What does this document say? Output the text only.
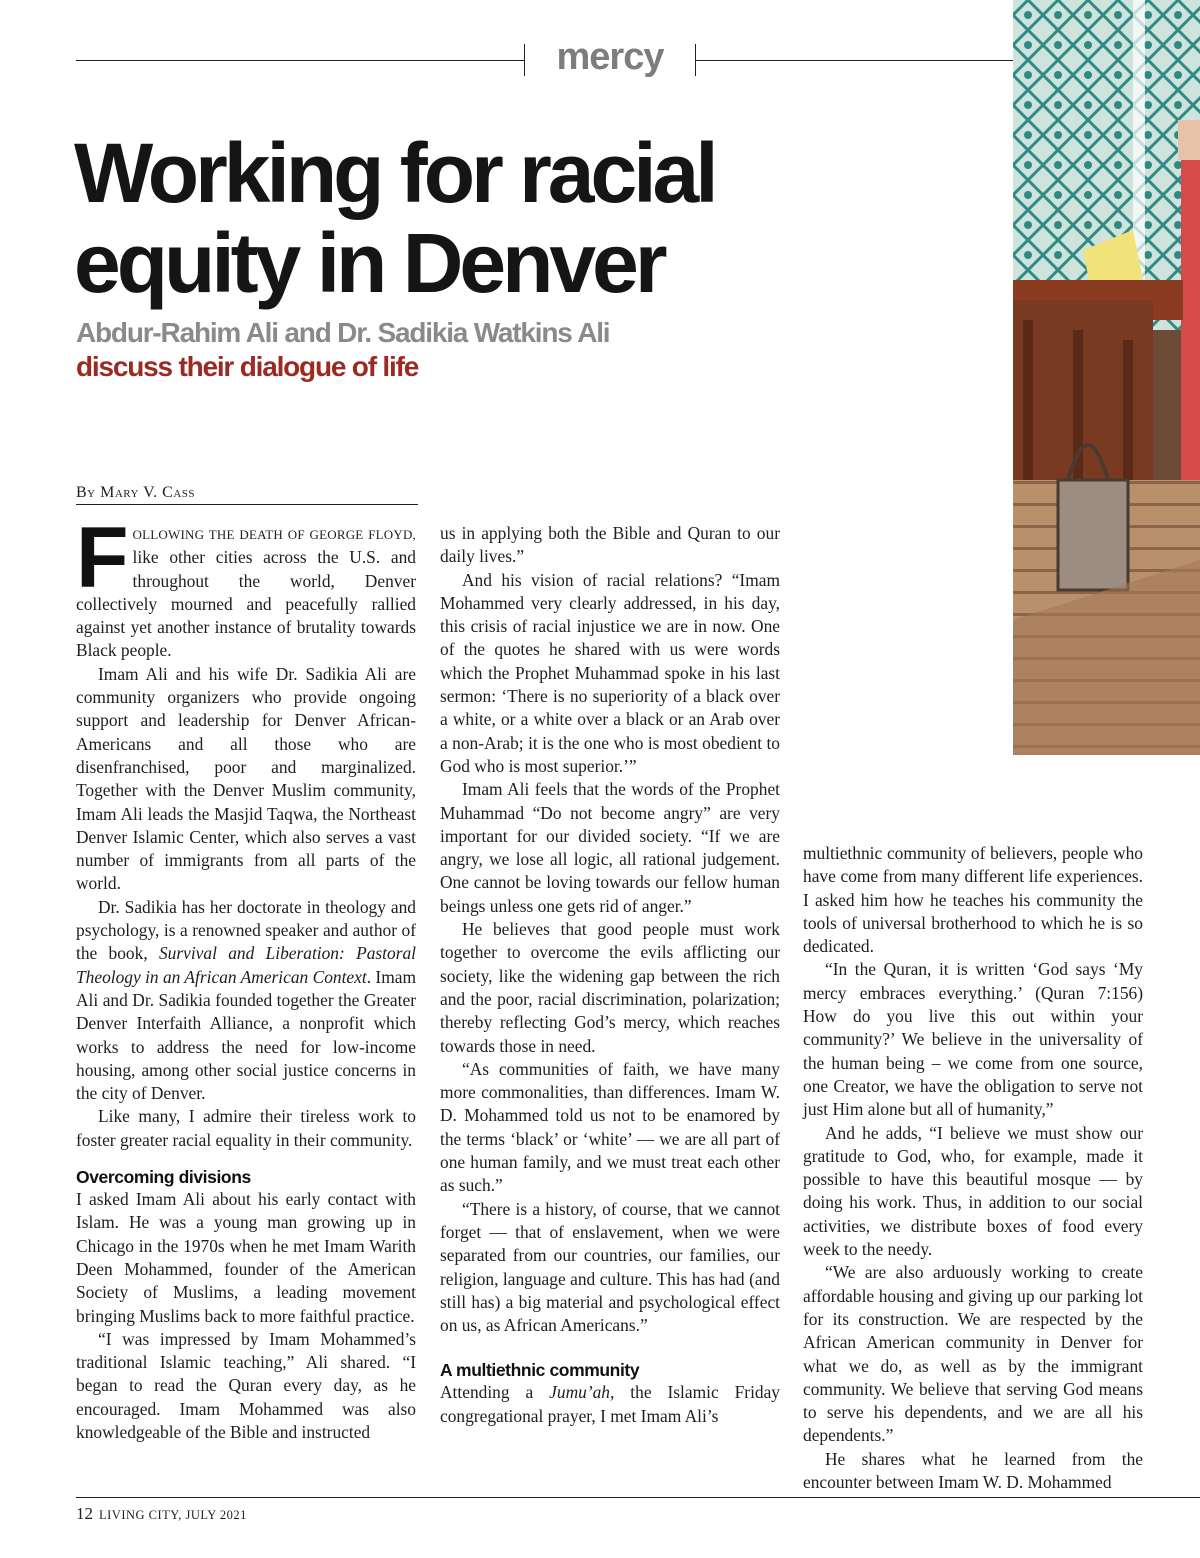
mercy
Working for racial equity in Denver

Abdur-Rahim Ali and Dr. Sadikia Watkins Ali discuss their dialogue of life

By Mary V. Cass

FOLLOWING THE DEATH OF GEORGE FLOYD, like other cities across the U.S. and throughout the world, Denver collectively mourned and peacefully rallied against yet another instance of brutality towards Black people.

Imam Ali and his wife Dr. Sadikia Ali are community organizers who provide ongoing support and leadership for Denver African-Americans and all those who are disenfranchised, poor and marginalized. Together with the Denver Muslim community, Imam Ali leads the Masjid Taqwa, the Northeast Denver Islamic Center, which also serves a vast number of immigrants from all parts of the world.

Dr. Sadikia has her doctorate in theology and psychology, is a renowned speaker and author of the book, Survival and Liberation: Pastoral Theology in an African American Context. Imam Ali and Dr. Sadikia founded together the Greater Denver Interfaith Alliance, a nonprofit which works to address the need for low-income housing, among other social justice concerns in the city of Denver.

Like many, I admire their tireless work to foster greater racial equality in their community.

Overcoming divisions

I asked Imam Ali about his early contact with Islam. He was a young man growing up in Chicago in the 1970s when he met Imam Warith Deen Mohammed, founder of the American Society of Muslims, a leading movement bringing Muslims back to more faithful practice.

“I was impressed by Imam Mohammed’s traditional Islamic teaching,” Ali shared. “I began to read the Quran every day, as he encouraged. Imam Mohammed was also knowledgeable of the Bible and instructed

us in applying both the Bible and Quran to our daily lives.”

And his vision of racial relations? “Imam Mohammed very clearly addressed, in his day, this crisis of racial injustice we are in now. One of the quotes he shared with us were words which the Prophet Muhammad spoke in his last sermon: ‘There is no superiority of a black over a white, or a white over a black or an Arab over a non-Arab; it is the one who is most obedient to God who is most superior.’”

Imam Ali feels that the words of the Prophet Muhammad “Do not become angry” are very important for our divided society. “If we are angry, we lose all logic, all rational judgement. One cannot be loving towards our fellow human beings unless one gets rid of anger.”

He believes that good people must work together to overcome the evils afflicting our society, like the widening gap between the rich and the poor, racial discrimination, polarization; thereby reflecting God’s mercy, which reaches towards those in need.

“As communities of faith, we have many more commonalities, than differences. Imam W. D. Mohammed told us not to be enamored by the terms ‘black’ or ‘white’ — we are all part of one human family, and we must treat each other as such.”

“There is a history, of course, that we cannot forget — that of enslavement, when we were separated from our countries, our families, our religion, language and culture. This has had (and still has) a big material and psychological effect on us, as African Americans.”

A multiethnic community

Attending a Jumu’ah, the Islamic Friday congregational prayer, I met Imam Ali’s

multiethnic community of believers, people who have come from many different life experiences. I asked him how he teaches his community the tools of universal brotherhood to which he is so dedicated.

“In the Quran, it is written ‘God says ‘My mercy embraces everything.’ (Quran 7:156) How do you live this out within your community?’ We believe in the universality of the human being – we come from one source, one Creator, we have the obligation to serve not just Him alone but all of humanity,”

And he adds, “I believe we must show our gratitude to God, who, for example, made it possible to have this beautiful mosque — by doing his work. Thus, in addition to our social activities, we distribute boxes of food every week to the needy.

“We are also arduously working to create affordable housing and giving up our parking lot for its construction. We are respected by the African American community in Denver for what we do, as well as by the immigrant community. We believe that serving God means to serve his dependents, and we are all his dependents.”

He shares what he learned from the encounter between Imam W. D. Mohammed

12 LIVING CITY, JULY 2021
